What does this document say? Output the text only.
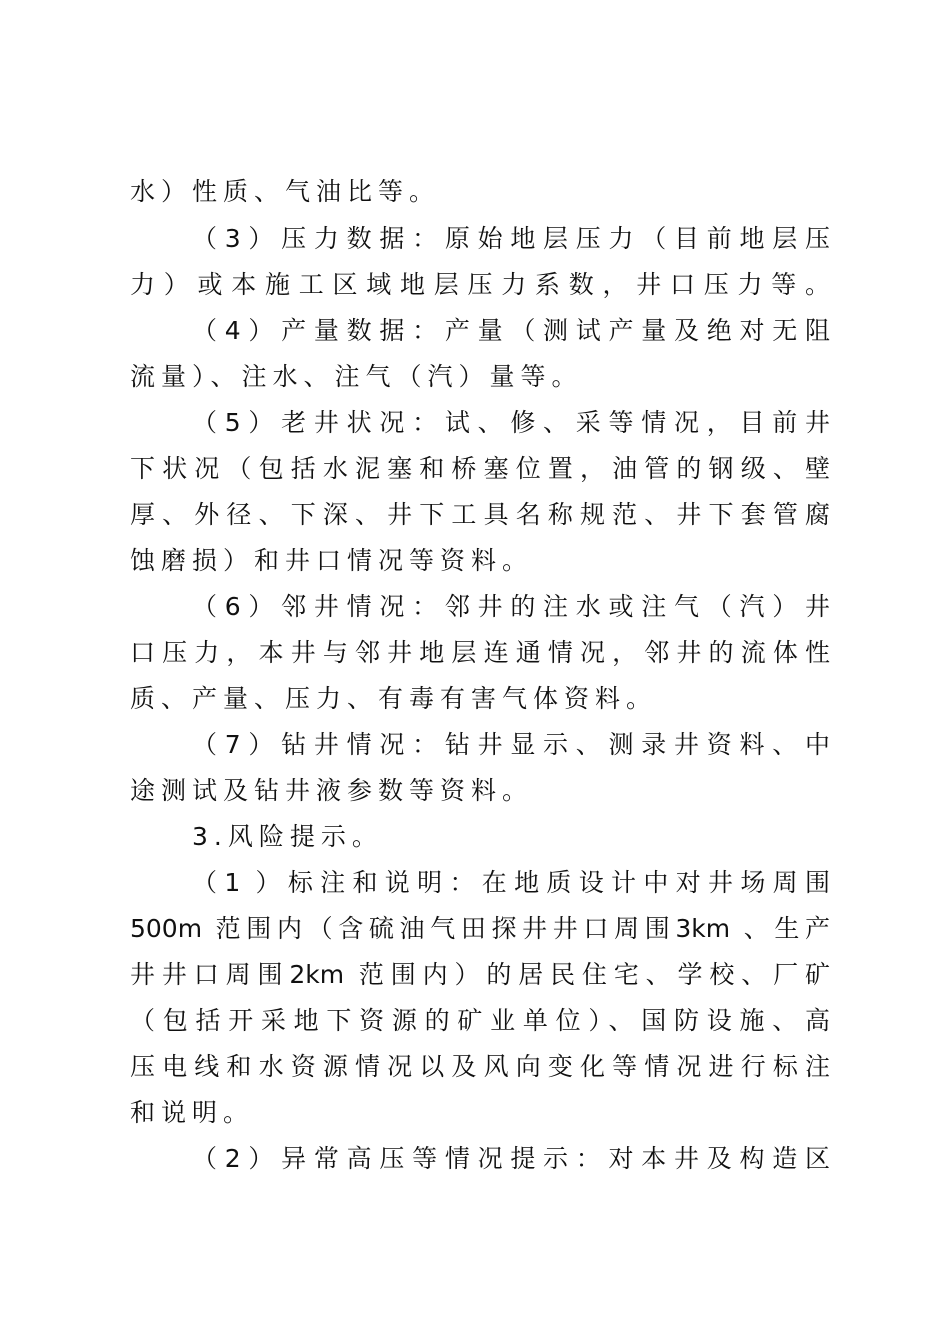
水）性质、气油比等。
（3）压力数据：原始地层压力（目前地层压
力）或本施工区域地层压力系数，井口压力等。
（4）产量数据：产量（测试产量及绝对无阻
流量）、注水、注气（汽）量等。
（5）老井状况：试、修、采等情况，目前井
下状况（包括水泥塞和桥塞位置，油管的钢级、壁
厚、外径、下深、井下工具名称规范、井下套管腐
蚀磨损）和井口情况等资料。
（6）邻井情况：邻井的注水或注气（汽）井
口压力，本井与邻井地层连通情况，邻井的流体性
质、产量、压力、有毒有害气体资料。
（7）钻井情况：钻井显示、测录井资料、中
途测试及钻井液参数等资料。
3.风险提示。
（1 ）标注和说明：在地质设计中对井场周围
500m 范围内（含硫油气田探井井口周围3km 、生产
井井口周围2km 范围内）的居民住宅、学校、厂矿
（包括开采地下资源的矿业单位）、国防设施、高
压电线和水资源情况以及风向变化等情况进行标注
和说明。
（2）异常高压等情况提示：对本井及构造区
